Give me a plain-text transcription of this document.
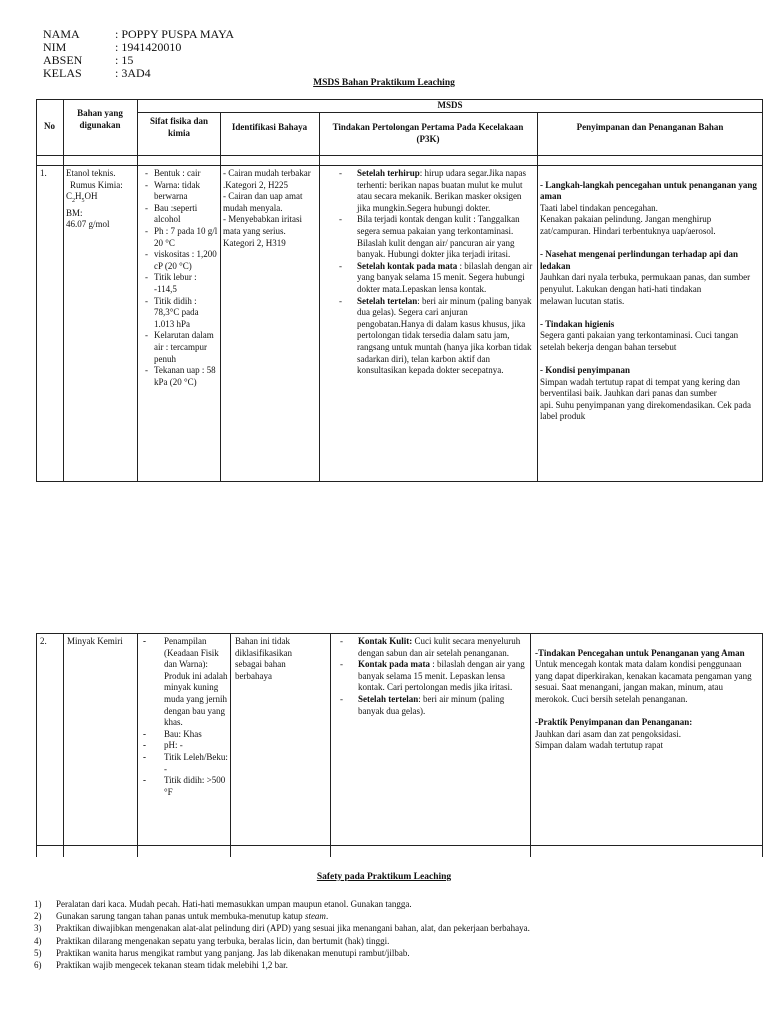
NAMA	: POPPY PUSPA MAYA
NIM	: 1941420010
ABSEN	: 15
KELAS	: 3AD4
MSDS Bahan Praktikum Leaching
No
Bahan yang digunakan
MSDS
Sifat fisika dan kimia
Identifikasi Bahaya	Tindakan Pertolongan Pertama Pada Kecelakaan (P3K)
Penyimpanan dan Penanganan Bahan
1. Etanol teknis.
Rumus Kimia:
$C_2H_5OH$
BM:
46.07 g/mol
- Bentuk : cair
- Warna: tidak berwarna
- Bau :seperti alcohol
- Ph : 7 pada 10 g/l 20 °C
- viskositas : 1,200 cP (20 °C)
- Titik lebur : -114,5
- Titik didih : 78,3°C pada 1.013 hPa
- Kelarutan dalam air : tercampur penuh
- Tekanan uap : 58 kPa (20 °C)
- Cairan mudah terbakar .Kategori 2, H225
- Cairan dan uap amat mudah menyala.
- Menyebabkan iritasi mata yang serius. Kategori 2, H319
- Setelah terhirup: hirup udara segar.Jika napas terhenti: berikan napas buatan mulut ke mulut atau secara mekanik. Berikan masker oksigen jika mungkin.Segera hubungi dokter.
- Bila terjadi kontak dengan kulit : Tanggalkan segera semua pakaian yang terkontaminasi. Bilaslah kulit dengan air/ pancuran air yang banyak. Hubungi dokter jika terjadi iritasi.
- Setelah kontak pada mata : bilaslah dengan air yang banyak selama 15 menit. Segera hubungi dokter mata.Lepaskan lensa kontak.
- Setelah tertelan: beri air minum (paling banyak dua gelas). Segera cari anjuran pengobatan.Hanya di dalam kasus khusus, jika pertolongan tidak tersedia dalam satu jam, rangsang untuk muntah (hanya jika korban tidak sadarkan diri), telan karbon aktif dan konsultasikan kepada dokter secepatnya.

- Langkah-langkah pencegahan untuk penanganan yang aman

Taati label tindakan pencegahan.
Kenakan pakaian pelindung. Jangan menghirup zat/campuran. Hindari terbentuknya uap/aerosol.

- Nasehat mengenai perlindungan terhadap api dan ledakan

Jauhkan dari nyala terbuka, permukaan panas, dan sumber penyulut. Lakukan dengan hati-hati tindakan
melawan lucutan statis.

- Tindakan higienis

Segera ganti pakaian yang terkontaminasi. Cuci tangan setelah bekerja dengan bahan tersebut

- Kondisi penyimpanan

Simpan wadah tertutup rapat di tempat yang kering dan berventilasi baik. Jauhkan dari panas dan sumber
api. Suhu penyimpanan yang direkomendasikan. Cek pada label produk

2. Minyak Kemiri
-	Penampilan (Keadaan Fisik dan Warna): Produk ini adalah minyak kuning muda yang jernih dengan bau yang khas.
- Bau: Khas
- pH: -
- Titik Leleh/Beku: -
- Titik didih: >500 °F
Bahan ini tidak diklasifikasikan sebagai bahan berbahaya
- Kontak Kulit: Cuci kulit secara menyeluruh dengan sabun dan air setelah penanganan.
- Kontak pada mata : bilaslah dengan air yang banyak selama 15 menit. Lepaskan lensa kontak. Cari pertolongan medis jika iritasi.
- Setelah tertelan: beri air minum (paling banyak dua gelas).

-Tindakan Pencegahan untuk Penanganan yang Aman

Untuk mencegah kontak mata dalam kondisi penggunaan yang dapat diperkirakan, kenakan kacamata pengaman yang sesuai. Saat menangani, jangan makan, minum, atau merokok. Cuci bersih setelah penanganan.

-Praktik Penyimpanan dan Penanganan:

Jauhkan dari asam dan zat pengoksidasi.
Simpan dalam wadah tertutup rapat

Safety pada Praktikum Leaching
1) Peralatan dari kaca. Mudah pecah. Hati-hati memasukkan umpan maupun etanol. Gunakan tangga.
2) Gunakan sarung tangan tahan panas untuk membuka-menutup katup steam.
3) Praktikan diwajibkan mengenakan alat-alat pelindung diri (APD) yang sesuai jika menangani bahan, alat, dan pekerjaan berbahaya.
4) Praktikan dilarang mengenakan sepatu yang terbuka, beralas licin, dan bertumit (hak) tinggi.
5) Praktikan wanita harus mengikat rambut yang panjang. Jas lab dikenakan menutupi rambut/jilbab.
6) Praktikan wajib mengecek tekanan steam tidak melebihi 1,2 bar.
